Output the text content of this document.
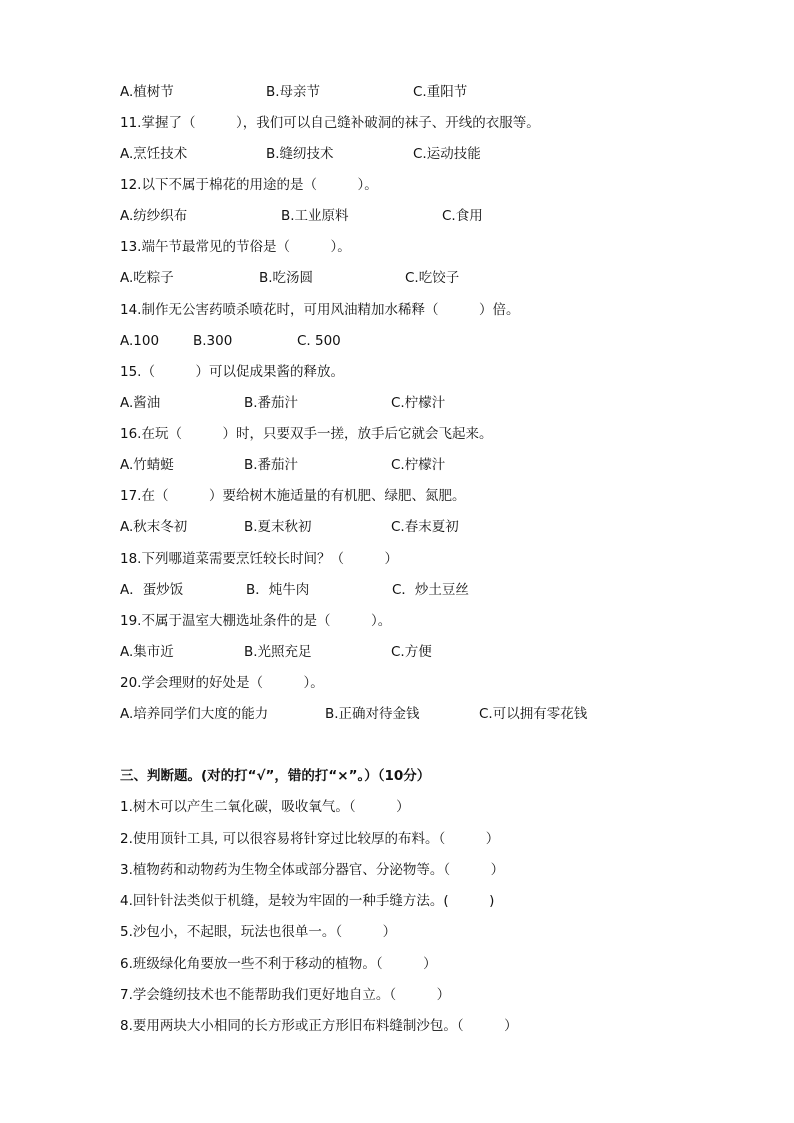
A.植树节	B.母亲节	C.重阳节
11.掌握了（　　　），我们可以自己缝补破洞的袜子、开线的衣服等。
A.烹饪技术	B.缝纫技术	C.运动技能
12.以下不属于棉花的用途的是（　　　）。
A.纺纱织布	B.工业原料	C.食用
13.端午节最常见的节俗是（　　　）。
A.吃粽子	B.吃汤圆	C.吃饺子
14.制作无公害药喷杀喷花时，可用风油精加水稀释（　　　）倍。
A.100	B.300	C. 500
15.（　　　）可以促成果酱的释放。
A.酱油	B.番茄汁	C.柠檬汁
16.在玩（　　　）时，只要双手一搓，放手后它就会飞起来。
A.竹蜻蜓	B.番茄汁	C.柠檬汁
17.在（　　　）要给树木施适量的有机肥、绿肥、氮肥。
A.秋末冬初	B.夏末秋初	C.春末夏初
18.下列哪道菜需要烹饪较长时间？（　　　）
A．蛋炒饭	B．炖牛肉	C．炒土豆丝
19.不属于温室大棚选址条件的是（　　　）。
A.集市近	B.光照充足	C.方便
20.学会理财的好处是（　　　）。
A.培养同学们大度的能力	B.正确对待金钱	C.可以拥有零花钱
三、判断题。(对的打“√”，错的打“×”。）（10分）
1.树木可以产生二氧化碳，吸收氧气。（　　　）
2.使用顶针工具, 可以很容易将针穿过比较厚的布料。（　　　）
3.植物药和动物药为生物全体或部分器官、分泌物等。（　　　）
4.回针针法类似于机缝，是较为牢固的一种手缝方法。(　　　)
5.沙包小，不起眼，玩法也很单一。（　　　）
6.班级绿化角要放一些不利于移动的植物。（　　　）
7.学会缝纫技术也不能帮助我们更好地自立。（　　　）
8.要用两块大小相同的长方形或正方形旧布料缝制沙包。（　　　）
